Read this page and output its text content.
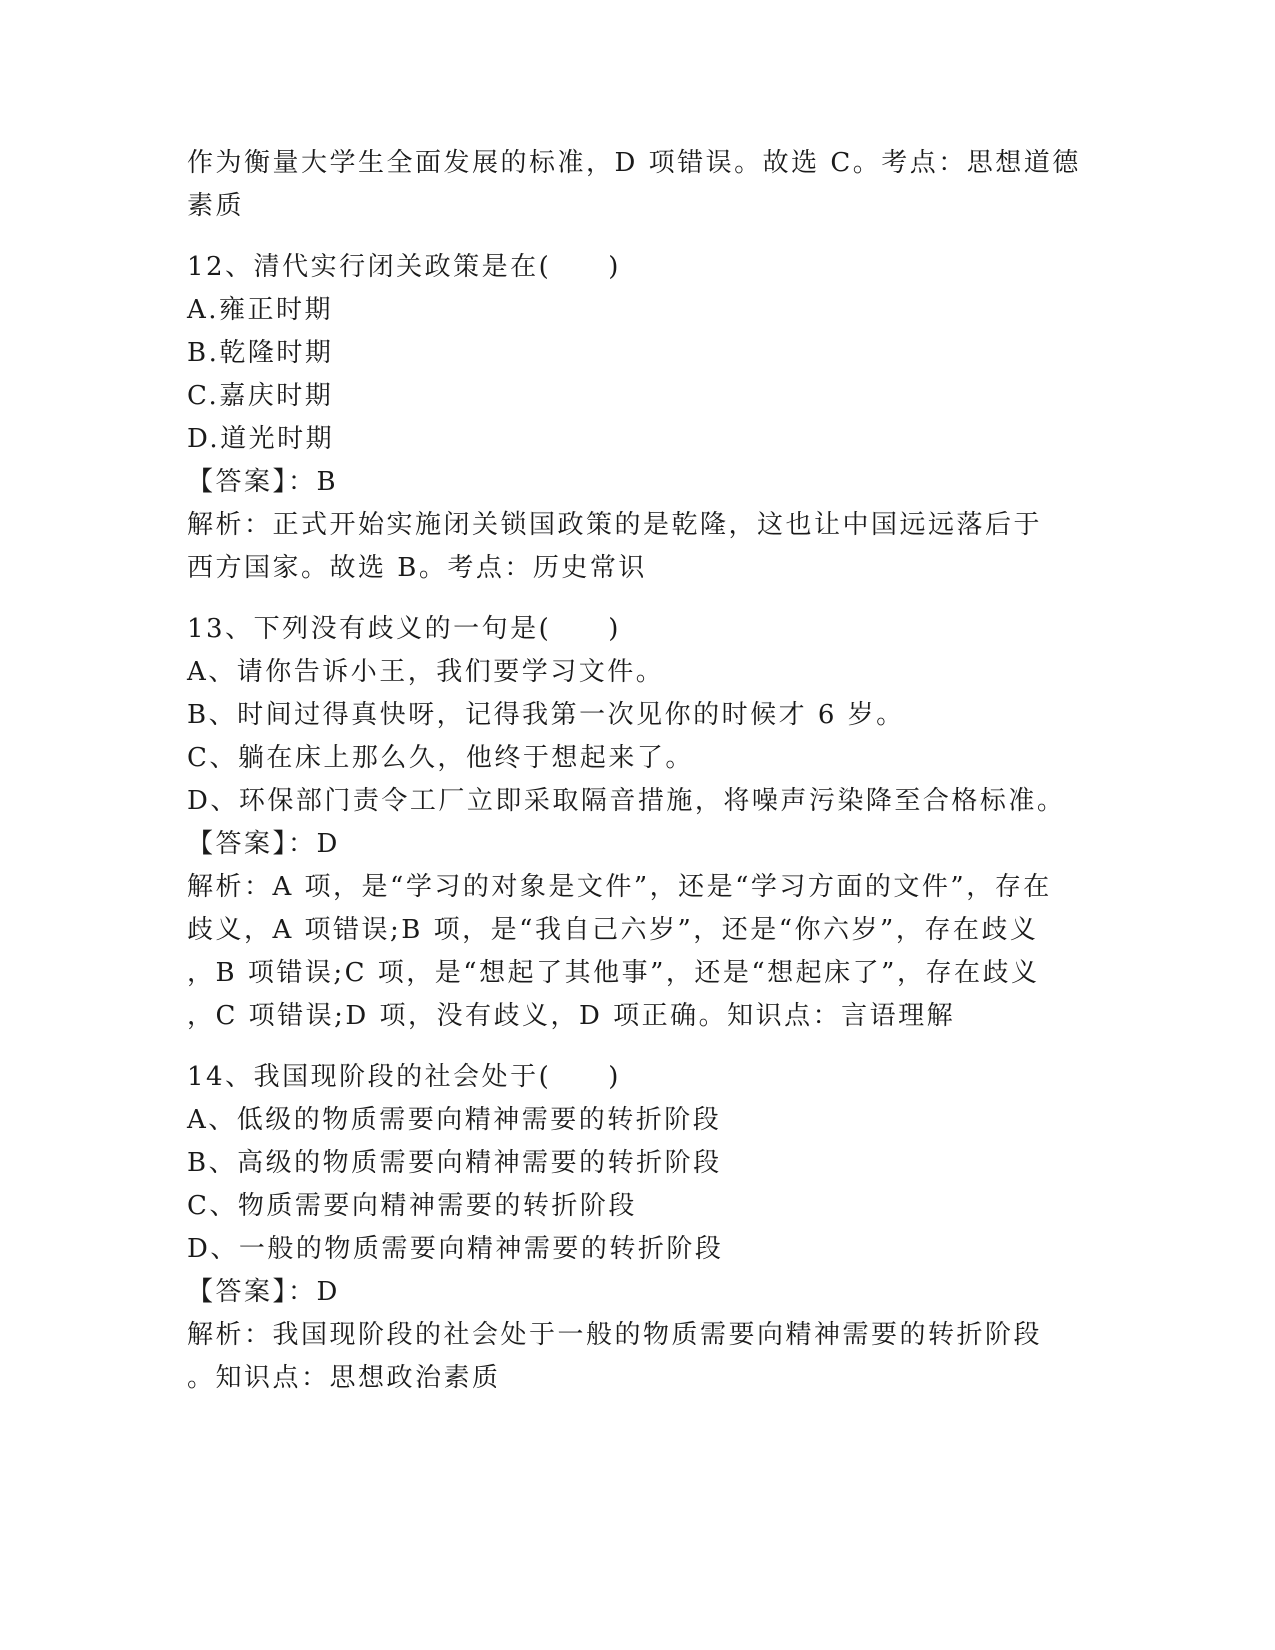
作为衡量大学生全面发展的标准，D 项错误。故选 C。考点：思想道德
素质
12、清代实行闭关政策是在(　　)
A.雍正时期
B.乾隆时期
C.嘉庆时期
D.道光时期
【答案】：B
解析：正式开始实施闭关锁国政策的是乾隆，这也让中国远远落后于
西方国家。故选 B。考点：历史常识
13、下列没有歧义的一句是(　　)
A、请你告诉小王，我们要学习文件。
B、时间过得真快呀，记得我第一次见你的时候才 6 岁。
C、躺在床上那么久，他终于想起来了。
D、环保部门责令工厂立即采取隔音措施，将噪声污染降至合格标准。
【答案】：D
解析：A 项，是“学习的对象是文件”，还是“学习方面的文件”，存在
歧义，A 项错误;B 项，是“我自己六岁”，还是“你六岁”，存在歧义
，B 项错误;C 项，是“想起了其他事”，还是“想起床了”，存在歧义
，C 项错误;D 项，没有歧义，D 项正确。知识点：言语理解
14、我国现阶段的社会处于(　　)
A、低级的物质需要向精神需要的转折阶段
B、高级的物质需要向精神需要的转折阶段
C、物质需要向精神需要的转折阶段
D、一般的物质需要向精神需要的转折阶段
【答案】：D
解析：我国现阶段的社会处于一般的物质需要向精神需要的转折阶段
。知识点：思想政治素质
